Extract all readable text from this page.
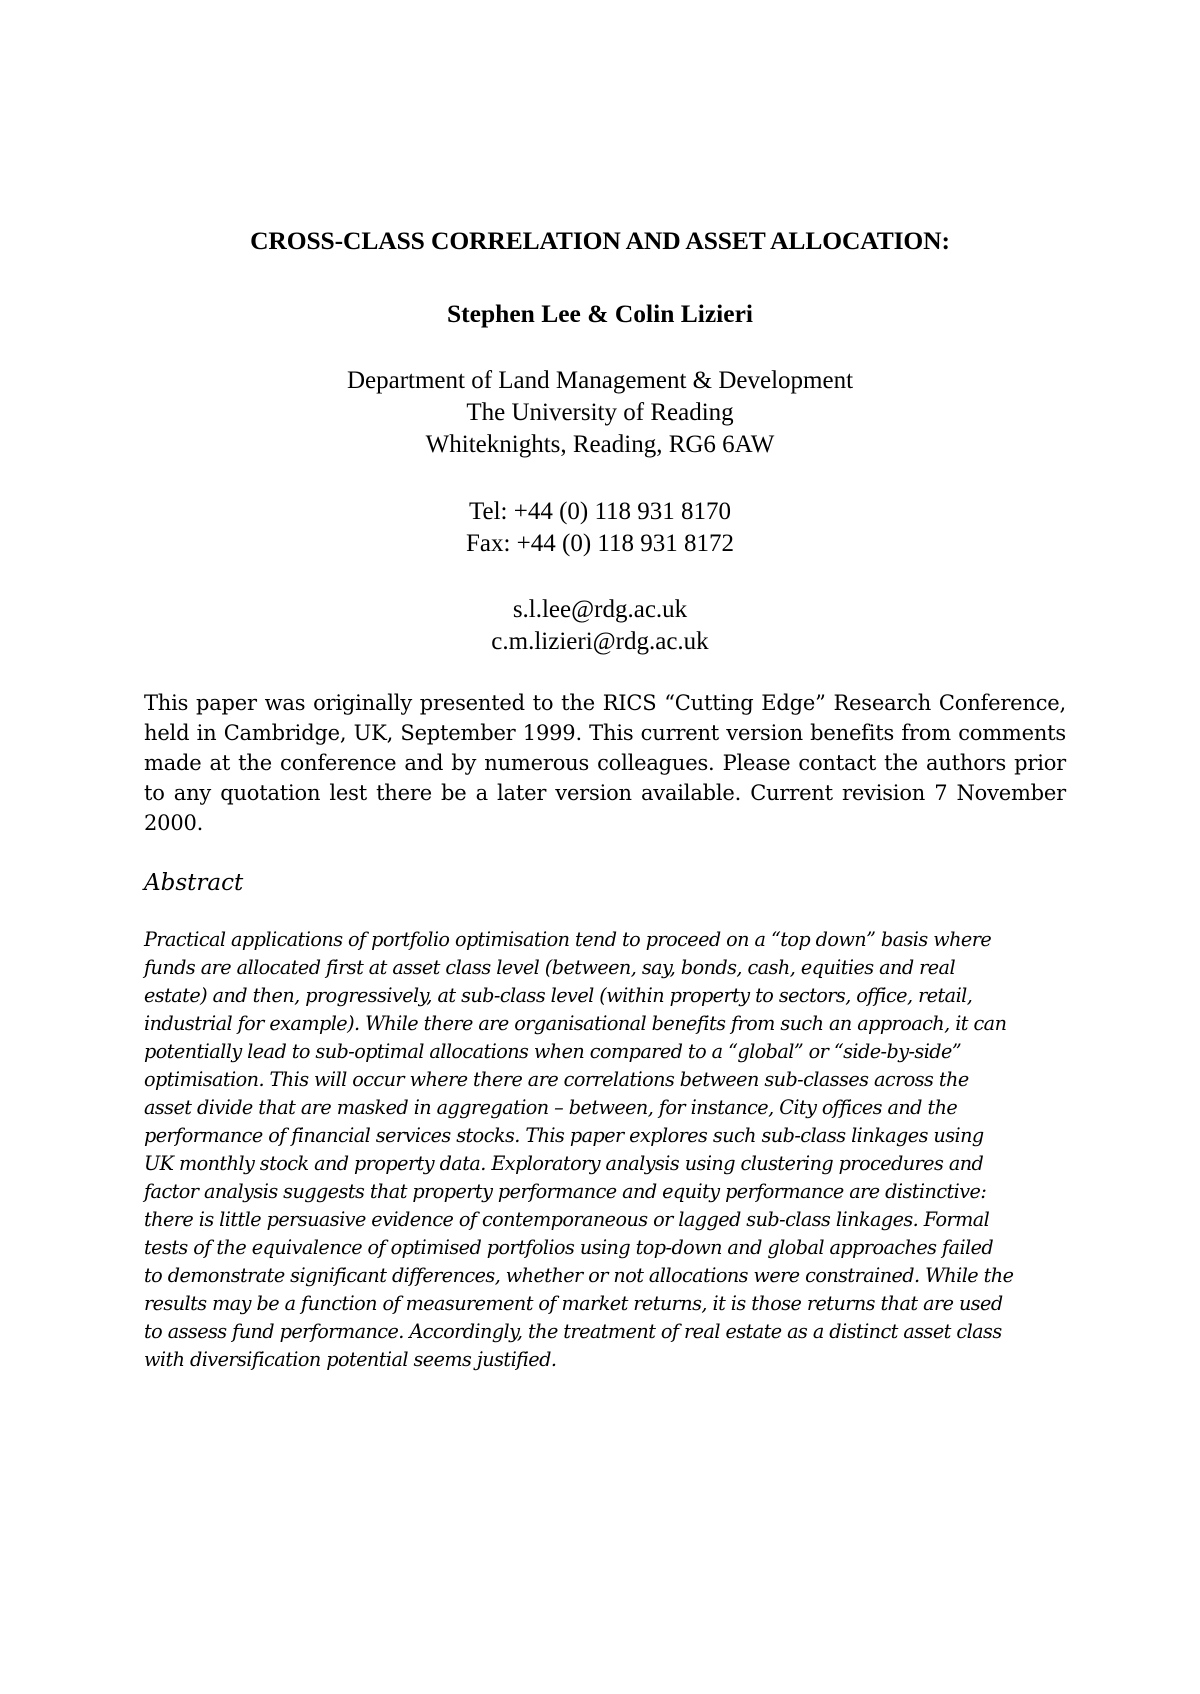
CROSS-CLASS CORRELATION AND ASSET ALLOCATION:
Stephen Lee & Colin Lizieri
Department of Land Management & Development
The University of Reading
Whiteknights, Reading, RG6 6AW
Tel: +44 (0) 118 931 8170
Fax: +44 (0) 118 931 8172
s.l.lee@rdg.ac.uk
c.m.lizieri@rdg.ac.uk

This paper was originally presented to the RICS “Cutting Edge” Research Conference, held in Cambridge, UK, September 1999. This current version benefits from comments made at the conference and by numerous colleagues. Please contact the authors prior to any quotation lest there be a later version available. Current revision 7 November 2000.

Abstract
Practical applications of portfolio optimisation tend to proceed on a “top down” basis where
funds are allocated first at asset class level (between, say, bonds, cash, equities and real
estate) and then, progressively, at sub-class level (within property to sectors, office, retail,
industrial for example). While there are organisational benefits from such an approach, it can
potentially lead to sub-optimal allocations when compared to a “global” or “side-by-side”
optimisation. This will occur where there are correlations between sub-classes across the
asset divide that are masked in aggregation – between, for instance, City offices and the
performance of financial services stocks. This paper explores such sub-class linkages using
UK monthly stock and property data. Exploratory analysis using clustering procedures and
factor analysis suggests that property performance and equity performance are distinctive:
there is little persuasive evidence of contemporaneous or lagged sub-class linkages. Formal
tests of the equivalence of optimised portfolios using top-down and global approaches failed
to demonstrate significant differences, whether or not allocations were constrained. While the
results may be a function of measurement of market returns, it is those returns that are used
to assess fund performance. Accordingly, the treatment of real estate as a distinct asset class
with diversification potential seems justified.
